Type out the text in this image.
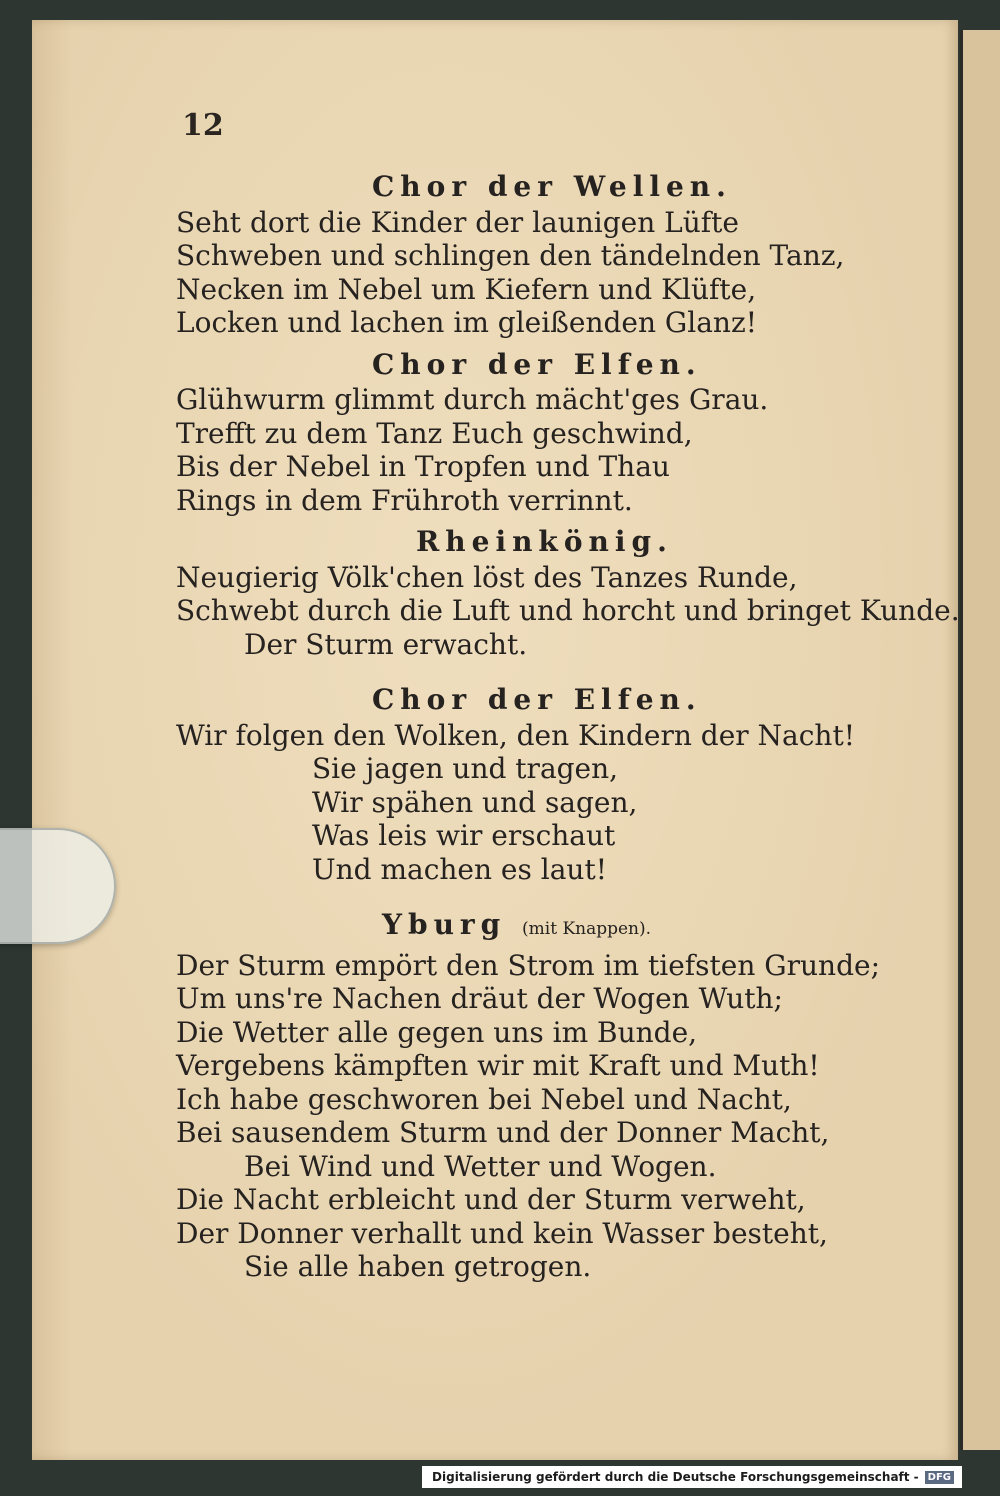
12
Chor der Wellen.
Seht dort die Kinder der launigen Lüfte
Schweben und schlingen den tändelnden Tanz,
Necken im Nebel um Kiefern und Klüfte,
Locken und lachen im gleißenden Glanz!
Chor der Elfen.
Glühwurm glimmt durch mächt'ges Grau.
Trefft zu dem Tanz Euch geschwind,
Bis der Nebel in Tropfen und Thau
Rings in dem Frühroth verrinnt.
Rheinkönig.
Neugierig Völk'chen löst des Tanzes Runde,
Schwebt durch die Luft und horcht und bringet Kunde.
Der Sturm erwacht.
Chor der Elfen.
Wir folgen den Wolken, den Kindern der Nacht!
Sie jagen und tragen,
Wir spähen und sagen,
Was leis wir erschaut
Und machen es laut!
Yburg (mit Knappen).
Der Sturm empört den Strom im tiefsten Grunde;
Um uns're Nachen dräut der Wogen Wuth;
Die Wetter alle gegen uns im Bunde,
Vergebens kämpften wir mit Kraft und Muth!
Ich habe geschworen bei Nebel und Nacht,
Bei sausendem Sturm und der Donner Macht,
Bei Wind und Wetter und Wogen.
Die Nacht erbleicht und der Sturm verweht,
Der Donner verhallt und kein Wasser besteht,
Sie alle haben getrogen.
Digitalisierung gefördert durch die Deutsche Forschungsgemeinschaft - DFG
